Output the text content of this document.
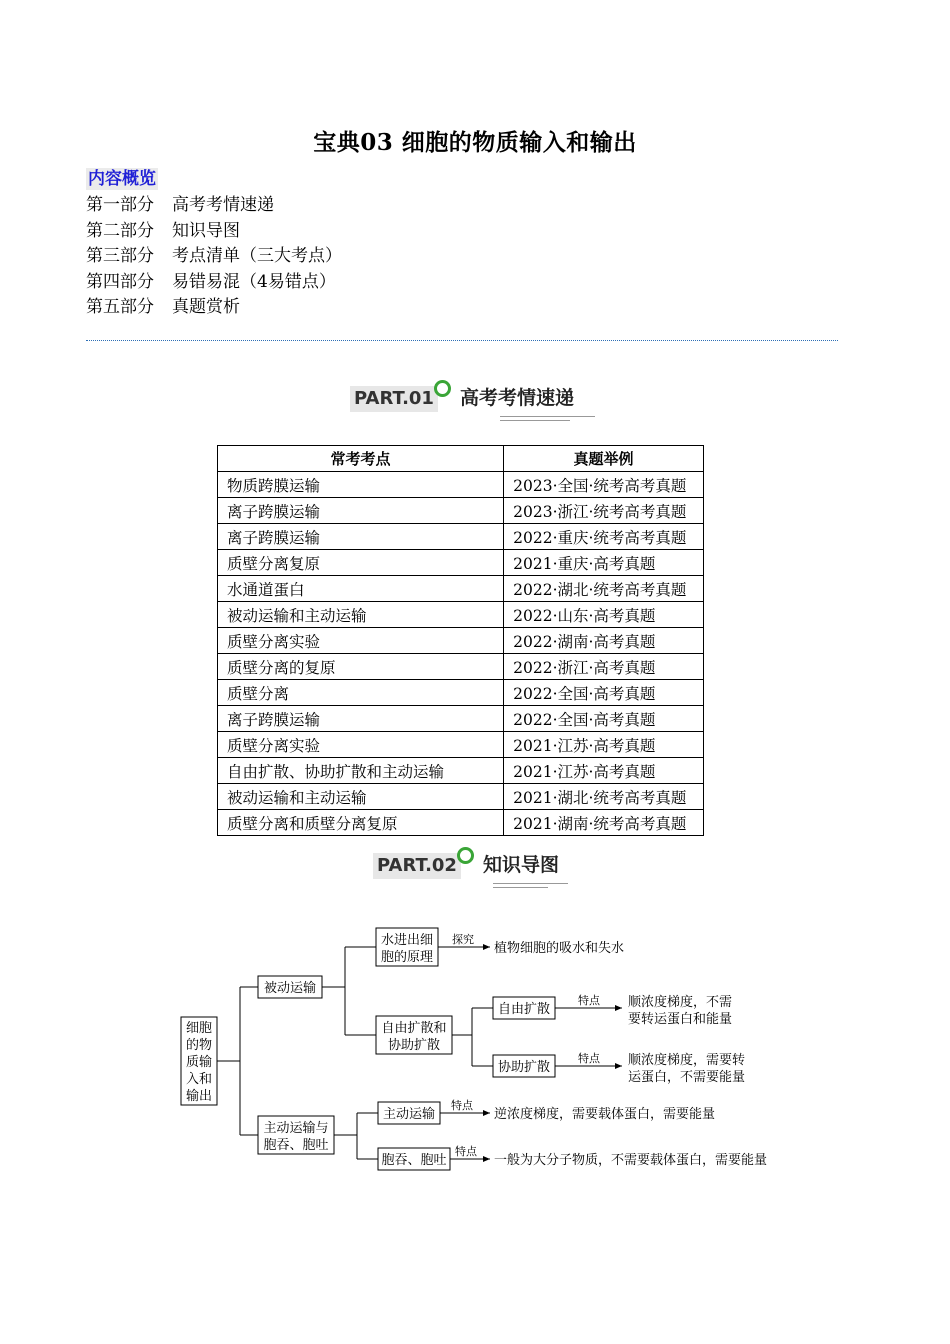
宝典03 细胞的物质输入和输出
内容概览
第一部分 高考考情速递
第二部分 知识导图
第三部分 考点清单（三大考点）
第四部分 易错易混（4易错点）
第五部分 真题赏析
PART.01 高考考情速递
常考考点	真题举例
物质跨膜运输	2023·全国·统考高考真题
离子跨膜运输	2023·浙江·统考高考真题
离子跨膜运输	2022·重庆·统考高考真题
质壁分离复原	2021·重庆·高考真题
水通道蛋白	2022·湖北·统考高考真题
被动运输和主动运输	2022·山东·高考真题
质壁分离实验	2022·湖南·高考真题
质壁分离的复原	2022·浙江·高考真题
质壁分离	2022·全国·高考真题
离子跨膜运输	2022·全国·高考真题
质壁分离实验	2021·江苏·高考真题
自由扩散、协助扩散和主动运输	2021·江苏·高考真题
被动运输和主动运输	2021·湖北·统考高考真题
质壁分离和质壁分离复原	2021·湖南·统考高考真题
PART.02 知识导图
细胞
的物
质输
入和
输出
被动运输
水进出细
胞的原理
探究
植物细胞的吸水和失水
自由扩散和
协助扩散
自由扩散
特点 顺浓度梯度，不需
要转运蛋白和能量
协助扩散
特点 顺浓度梯度，需要转
运蛋白，不需要能量
主动运输与
胞吞、胞吐
主动运输
特点
逆浓度梯度，需要载体蛋白，需要能量
胞吞、胞吐
特点
一般为大分子物质，不需要载体蛋白，需要能量
